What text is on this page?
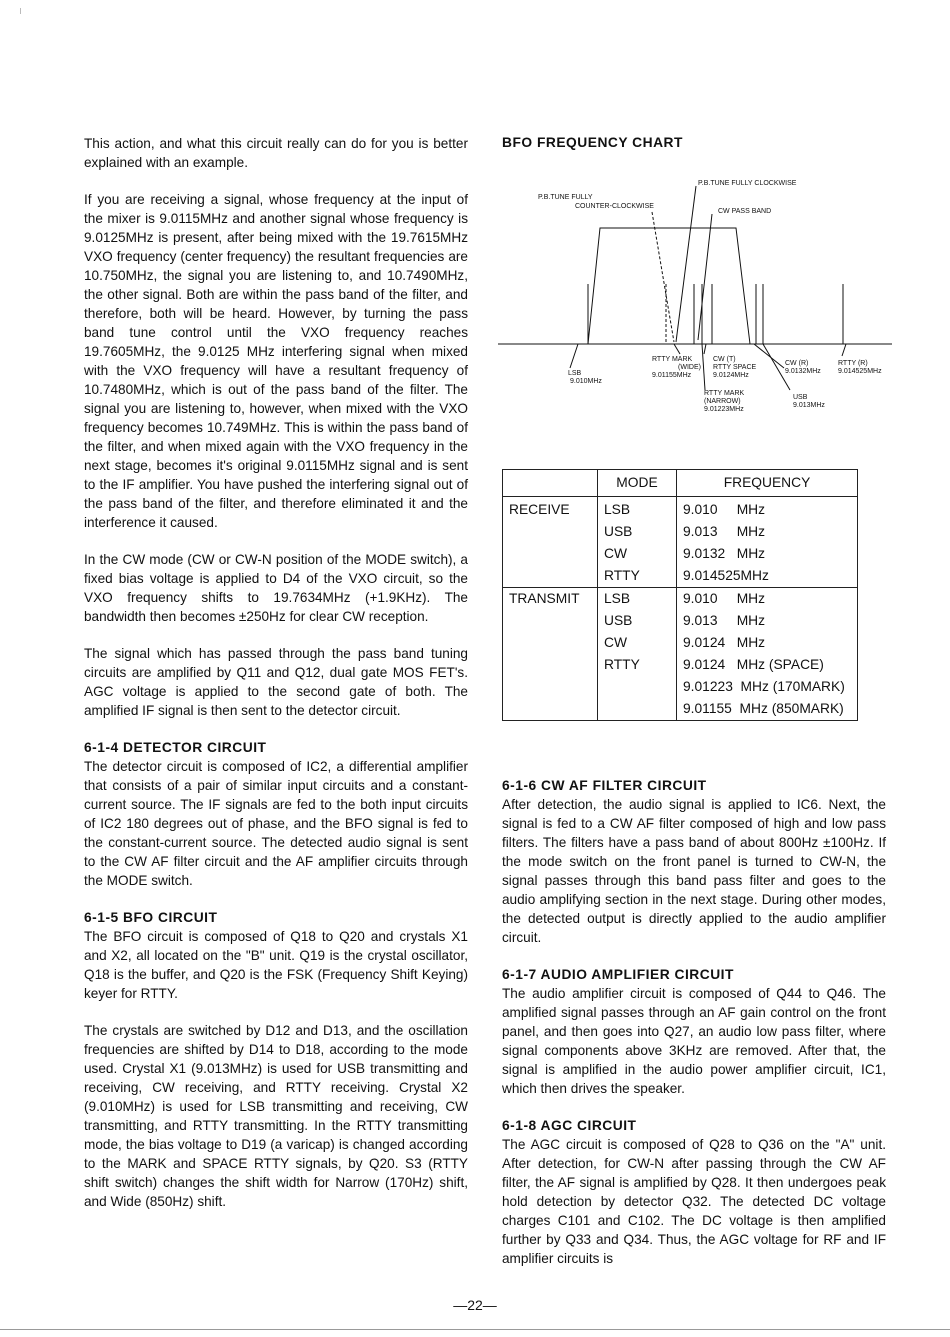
This action, and what this circuit really can do for you is better explained with an example.

If you are receiving a signal, whose frequency at the input of the mixer is 9.0115MHz and another signal whose frequency is 9.0125MHz is present, after being mixed with the 19.7615MHz VXO frequency (center frequency) the resultant frequencies are 10.750MHz, the signal you are listening to, and 10.7490MHz, the other signal. Both are within the pass band of the filter, and therefore, both will be heard. However, by turning the pass band tune control until the VXO frequency reaches 19.7605MHz, the 9.0125 MHz interfering signal when mixed with the VXO frequency will have a resultant frequency of 10.7480MHz, which is out of the pass band of the filter. The signal you are listening to, however, when mixed with the VXO frequency becomes 10.749MHz. This is within the pass band of the filter, and when mixed again with the VXO frequency in the next stage, becomes it's original 9.0115MHz signal and is sent to the IF amplifier. You have pushed the interfering signal out of the pass band of the filter, and therefore eliminated it and the interference it caused.

In the CW mode (CW or CW-N position of the MODE switch), a fixed bias voltage is applied to D4 of the VXO circuit, so the VXO frequency shifts to 19.7634MHz (+1.9KHz). The bandwidth then becomes ±250Hz for clear CW reception.

The signal which has passed through the pass band tuning circuits are amplified by Q11 and Q12, dual gate MOS FET's. AGC voltage is applied to the second gate of both. The amplified IF signal is then sent to the detector circuit.

6-1-4 DETECTOR CIRCUIT

The detector circuit is composed of IC2, a differential amplifier that consists of a pair of similar input circuits and a constant-current source. The IF signals are fed to the both input circuits of IC2 180 degrees out of phase, and the BFO signal is fed to the constant-current source. The detected audio signal is sent to the CW AF filter circuit and the AF amplifier circuits through the MODE switch.

6-1-5 BFO CIRCUIT

The BFO circuit is composed of Q18 to Q20 and crystals X1 and X2, all located on the "B" unit. Q19 is the crystal oscillator, Q18 is the buffer, and Q20 is the FSK (Frequency Shift Keying) keyer for RTTY.

The crystals are switched by D12 and D13, and the oscillation frequencies are shifted by D14 to D18, according to the mode used. Crystal X1 (9.013MHz) is used for USB transmitting and receiving, CW receiving, and RTTY receiving. Crystal X2 (9.010MHz) is used for LSB transmitting and receiving, CW transmitting, and RTTY transmitting. In the RTTY transmitting mode, the bias voltage to D19 (a varicap) is changed according to the MARK and SPACE RTTY signals, by Q20. S3 (RTTY shift switch) changes the shift width for Narrow (170Hz) shift, and Wide (850Hz) shift.

BFO FREQUENCY CHART
P.B.TUNE FULLY CLOCKWISE
P.B.TUNE FULLY
COUNTER-CLOCKWISE
CW PASS BAND
LSB
9.010MHz
RTTY MARK
(WIDE)
9.01155MHz
CW (T)
RTTY SPACE
9.0124MHz
CW (R)
9.0132MHz
RTTY (R)
9.014525MHz
RTTY MARK
(NARROW)
9.01223MHz
USB
9.013MHz
	MODE	FREQUENCY
RECEIVE	LSB	9.010     MHz
	USB	9.013     MHz
	CW	9.0132   MHz
	RTTY	9.014525MHz
TRANSMIT	LSB	9.010     MHz
	USB	9.013     MHz
	CW	9.0124   MHz
	RTTY	9.0124   MHz (SPACE)
		9.01223  MHz (170MARK)
		9.01155  MHz (850MARK)
6-1-6 CW AF FILTER CIRCUIT

After detection, the audio signal is applied to IC6. Next, the signal is fed to a CW AF filter composed of high and low pass filters. The filters have a pass band of about 800Hz ±100Hz. If the mode switch on the front panel is turned to CW-N, the signal passes through this band pass filter and goes to the audio amplifying section in the next stage. During other modes, the detected output is directly applied to the audio amplifier circuit.

6-1-7 AUDIO AMPLIFIER CIRCUIT

The audio amplifier circuit is composed of Q44 to Q46. The amplified signal passes through an AF gain control on the front panel, and then goes into Q27, an audio low pass filter, where signal components above 3KHz are removed. After that, the signal is amplified in the audio power amplifier circuit, IC1, which then drives the speaker.

6-1-8 AGC CIRCUIT

The AGC circuit is composed of Q28 to Q36 on the "A" unit. After detection, for CW-N after passing through the CW AF filter, the AF signal is amplified by Q28. It then undergoes peak hold detection by detector Q32. The detected DC voltage charges C101 and C102. The DC voltage is then amplified further by Q33 and Q34. Thus, the AGC voltage for RF and IF amplifier circuits is

—22—
